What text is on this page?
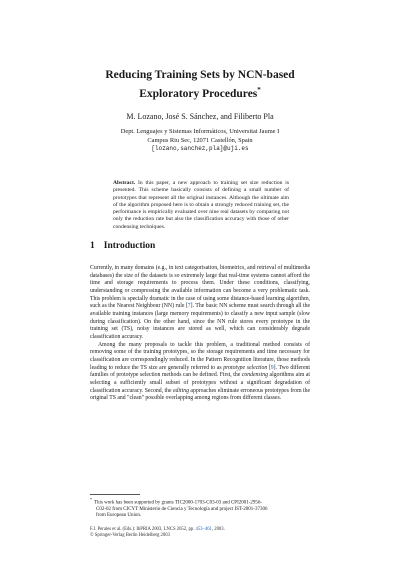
Reducing Training Sets by NCN-based
Exploratory Procedures*
M. Lozano, José S. Sánchez, and Filiberto Pla
Dept. Lenguajes y Sistemas Informáticos, Universitat Jaume I
Campus Riu Sec, 12071 Castellón, Spain
[lozano,sanchez,pla]@uji.es
Abstract. In this paper, a new approach to training set size reduction is presented. This scheme basically consists of defining a small number of prototypes that represent all the original instances. Although the ultimate aim of the algorithm proposed here is to obtain a strongly reduced training set, the performance is empirically evaluated over nine real datasets by comparing not only the reduction rate but also the classification accuracy with those of other condensing techniques.
1 Introduction

Currently, in many domains (e.g., in text categorisation, biometrics, and retrieval of multimedia databases) the size of the datasets is so extremely large that real-time systems cannot afford the time and storage requirements to process them. Under these conditions, classifying, understanding or compressing the available information can become a very problematic task. This problem is specially dramatic in the case of using some distance-based learning algorithm, such as the Nearest Neighbour (NN) rule [7]. The basic NN scheme must search through all the available training instances (large memory requirements) to classify a new input sample (slow during classification). On the other hand, since the NN rule stores every prototype in the training set (TS), noisy instances are stored as well, which can considerably degrade classification accuracy.

Among the many proposals to tackle this problem, a traditional method consists of removing some of the training prototypes, so the storage requirements and time necessary for classification are correspondingly reduced. In the Pattern Recognition literature, those methods leading to reduce the TS size are generally referred to as prototype selection [9]. Two different families of prototype selection methods can be defined. First, the condensing algorithms aim at selecting a sufficiently small subset of prototypes without a significant degradation of classification accuracy. Second, the editing approaches eliminate erroneous prototypes from the original TS and "clean" possible overlapping among regions from different classes.

*This work has been supported by grants TIC2000-1703-C03-03 and CPI2001-2956-
C02-02 from CICYT Ministerio de Ciencia y Tecnología and project IST-2001-37306
from European Union.
F.J. Perales et al. (Eds.): IbPRIA 2003, LNCS 2652, pp. 453–461, 2003.
© Springer-Verlag Berlin Heidelberg 2003
